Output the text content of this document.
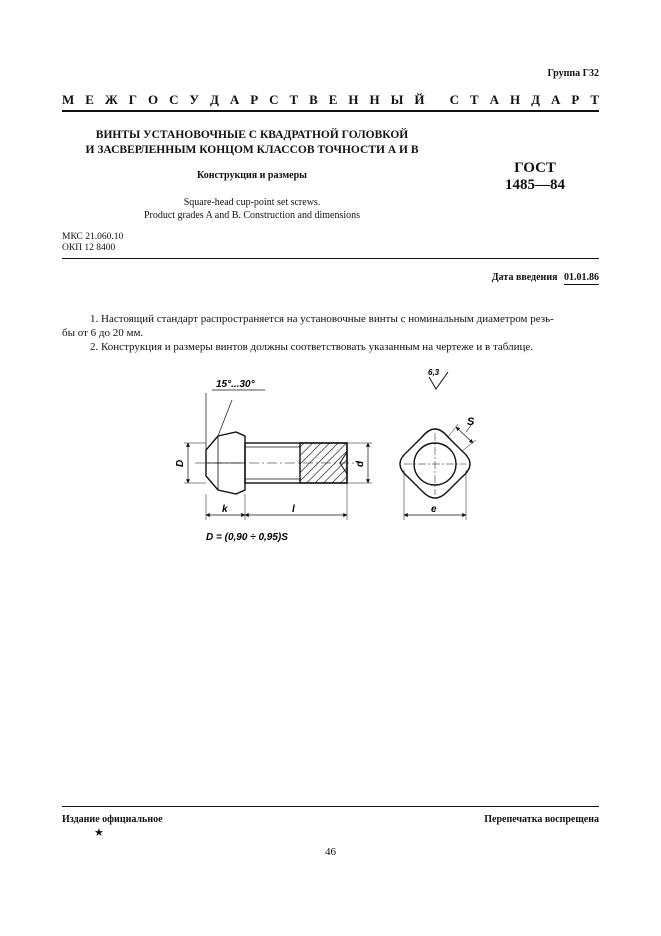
Группа Г32
М Е Ж Г О С У Д А Р С Т В Е Н Н Ы Й
С Т А Н Д А Р Т
ВИНТЫ УСТАНОВОЧНЫЕ С КВАДРАТНОЙ ГОЛОВКОЙ
И ЗАСВЕРЛЕННЫМ КОНЦОМ КЛАССОВ ТОЧНОСТИ А И В
Конструкция и размеры
Square-head cup-point set screws.
Product grades A and B. Construction and dimensions
ГОСТ
1485—84
МКС 21.060.10
ОКП 12 8400
Дата введения 01.01.86
1. Настоящий стандарт распространяется на установочные винты с номинальным диаметром резь-
бы от 6 до 20 мм.
2. Конструкция и размеры винтов должны соответствовать указанным на чертеже и в таблице.
15°...30°
D	d
k	l
S
e
6,3
D = (0,90 ÷ 0,95)S
Издание официальное
★
Перепечатка воспрещена
46
